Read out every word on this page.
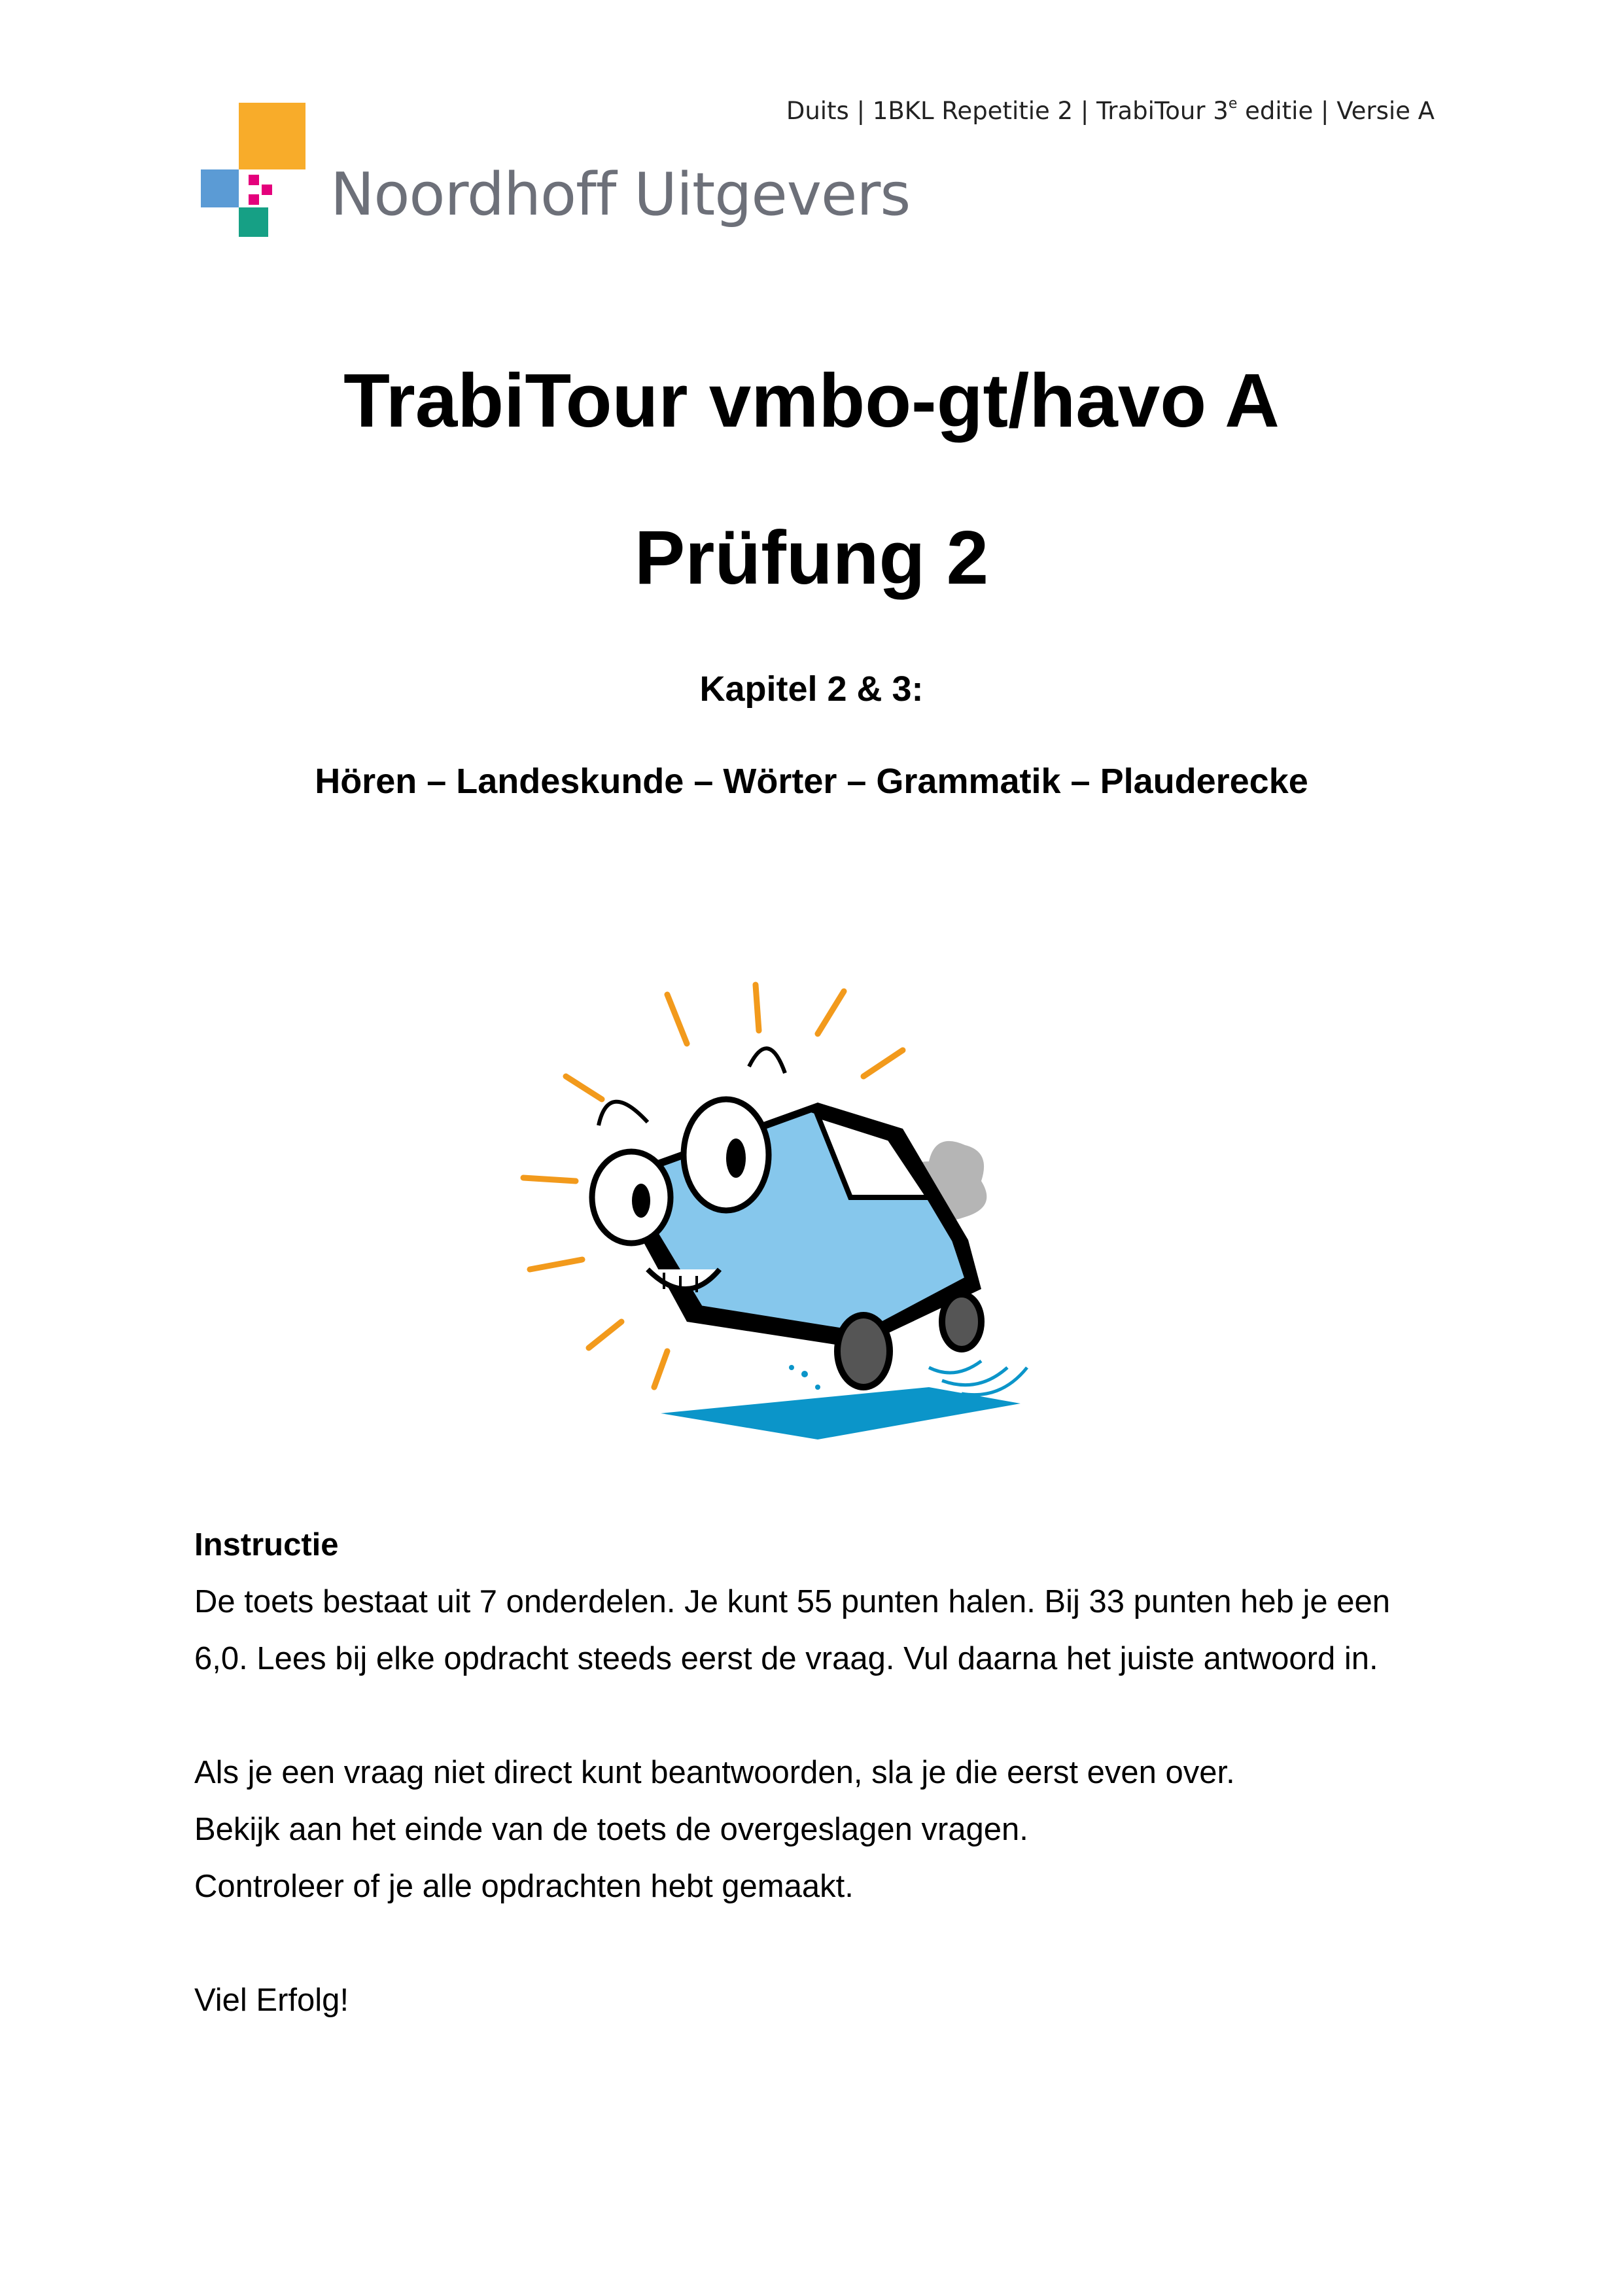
Duits | 1BKL Repetitie 2 | TrabiTour 3e editie | Versie A
Noordhoff Uitgevers
TrabiTour vmbo-gt/havo A
Prüfung 2
Kapitel 2 & 3:
Hören – Landeskunde – Wörter – Grammatik – Plauderecke

Instructie

De toets bestaat uit 7 onderdelen. Je kunt 55 punten halen. Bij 33 punten heb je een

6,0. Lees bij elke opdracht steeds eerst de vraag. Vul daarna het juiste antwoord in.

Als je een vraag niet direct kunt beantwoorden, sla je die eerst even over.

Bekijk aan het einde van de toets de overgeslagen vragen.

Controleer of je alle opdrachten hebt gemaakt.

Viel Erfolg!
